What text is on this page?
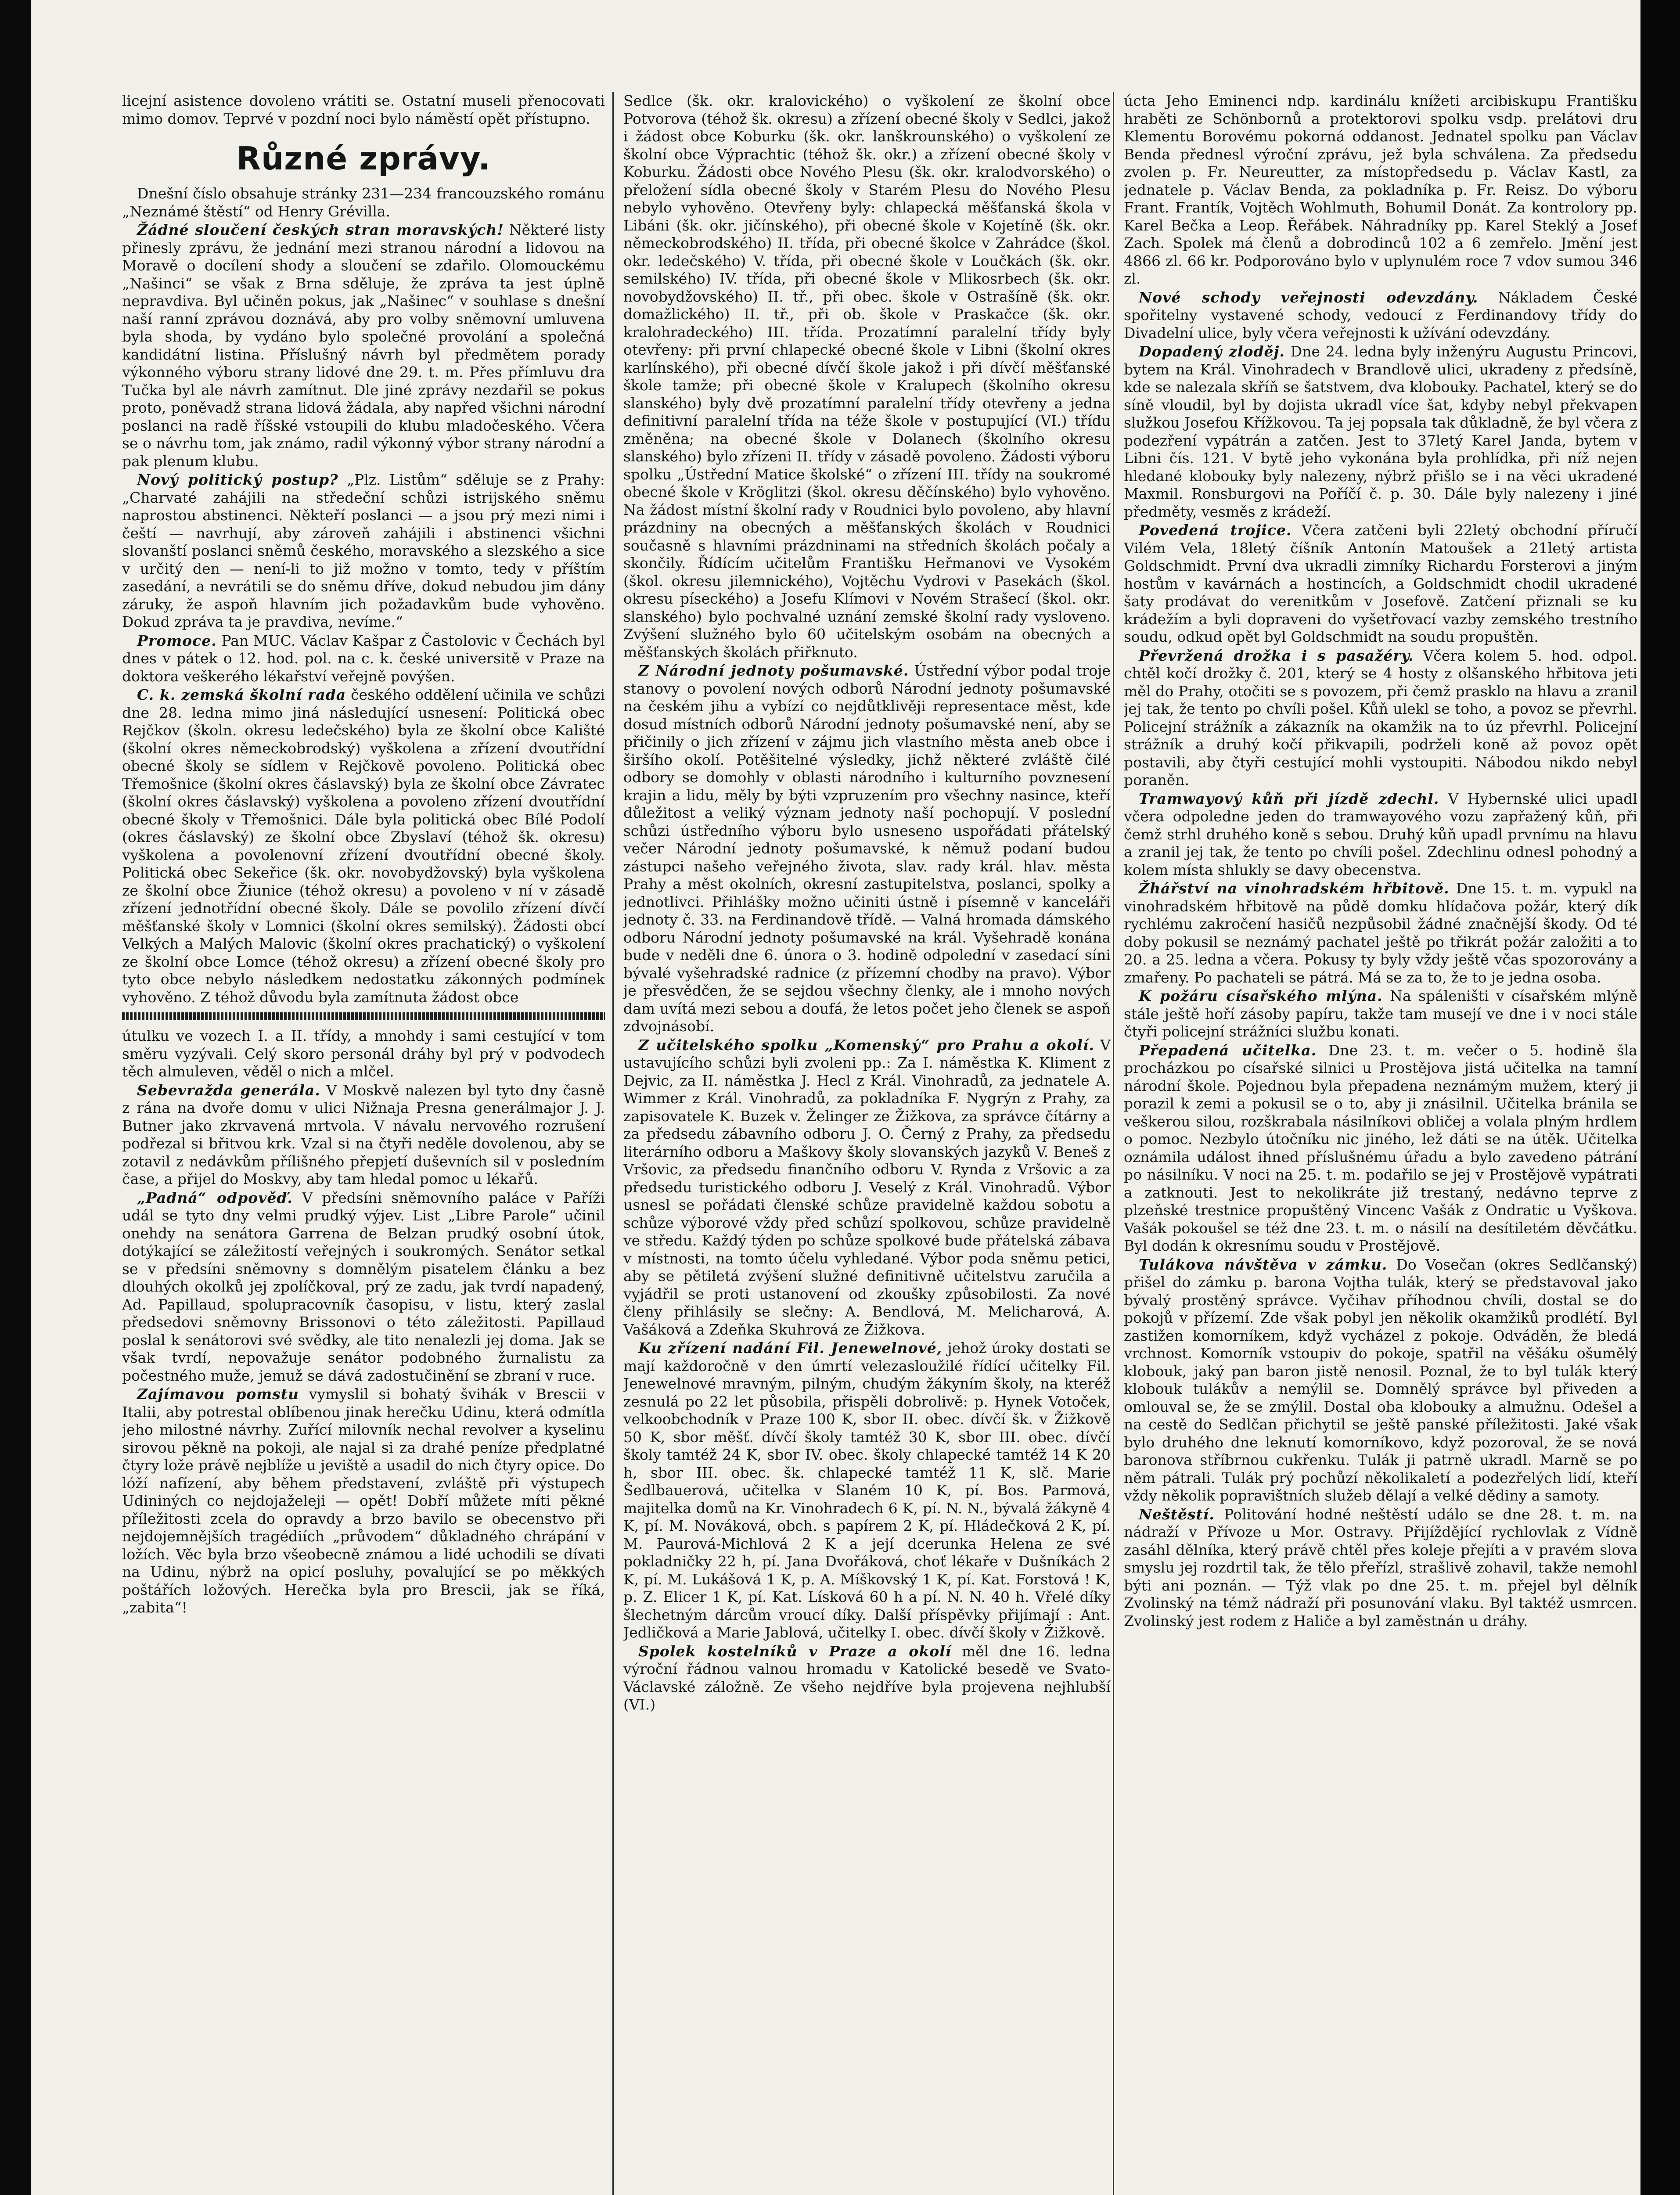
licejní asistence dovoleno vrátiti se. Ostatní museli přenocovati mimo domov. Teprvé v pozdní noci bylo náměstí opět přístupno.

Různé zprávy.

Dnešní číslo obsahuje stránky 231—234 francouzského románu „Neznámé štěstí“ od Henry Grévilla.

Žádné sloučení českých stran moravských! Některé listy přinesly zprávu, že jednání mezi stranou národní a lidovou na Moravě o docílení shody a sloučení se zdařilo. Olomouckému „Našinci“ se však z Brna sděluje, že zpráva ta jest úplně nepravdiva. Byl učiněn pokus, jak „Našinec“ v souhlase s dnešní naší ranní zprávou doznává, aby pro volby sněmovní umluvena byla shoda, by vydáno bylo společné provolání a společná kandidátní listina. Příslušný návrh byl předmětem porady výkonného výboru strany lidové dne 29. t. m. Přes přímluvu dra Tučka byl ale návrh zamítnut. Dle jiné zprávy nezdařil se pokus proto, poněvadž strana lidová žádala, aby napřed všichni národní poslanci na radě říšské vstoupili do klubu mladočeského. Včera se o návrhu tom, jak známo, radil výkonný výbor strany národní a pak plenum klubu.

Nový politický postup? „Plz. Listům“ sděluje se z Prahy: „Charvaté zahájili na středeční schůzi istrijského sněmu naprostou abstinenci. Někteří poslanci — a jsou prý mezi nimi i čeští — navrhují, aby zároveň zahájili i abstinenci všichni slovanští poslanci sněmů českého, moravského a slezského a sice v určitý den — není-li to již možno v tomto, tedy v příštím zasedání, a nevrátili se do sněmu dříve, dokud nebudou jim dány záruky, že aspoň hlavním jich požadavkům bude vyhověno. Dokud zpráva ta je pravdiva, nevíme.“

Promoce. Pan MUC. Václav Kašpar z Častolovic v Čechách byl dnes v pátek o 12. hod. pol. na c. k. české universitě v Praze na doktora veškerého lékařství veřejně povýšen.

C. k. zemská školní rada českého oddělení učinila ve schůzi dne 28. ledna mimo jiná následující usnesení: Politická obec Rejčkov (školn. okresu ledečského) byla ze školní obce Kališté (školní okres německobrodský) vyškolena a zřízení dvoutřídní obecné školy se sídlem v Rejčkově povoleno. Politická obec Třemošnice (školní okres čáslavský) byla ze školní obce Závratec (školní okres čáslavský) vyškolena a povoleno zřízení dvoutřídní obecné školy v Třemošnici. Dále byla politická obec Bílé Podolí (okres čáslavský) ze školní obce Zbyslaví (téhož šk. okresu) vyškolena a povolenovní zřízení dvoutřídní obecné školy. Politická obec Sekeřice (šk. okr. novobydžovský) byla vyškolena ze školní obce Žiunice (téhož okresu) a povoleno v ní v zásadě zřízení jednotřídní obecné školy. Dále se povolilo zřízení dívčí měšťanské školy v Lomnici (školní okres semilský). Žádosti obcí Velkých a Malých Malovic (školní okres prachatický) o vyškolení ze školní obce Lomce (téhož okresu) a zřízení obecné školy pro tyto obce nebylo následkem nedostatku zákonných podmínek vyhověno. Z téhož důvodu byla zamítnuta žádost obce

útulku ve vozech I. a II. třídy, a mnohdy i sami cestující v tom směru vyzývali. Celý skoro personál dráhy byl prý v podvodech těch almuleven, věděl o nich a mlčel.

Sebevražda generála. V Moskvě nalezen byl tyto dny časně z rána na dvoře domu v ulici Nižnaja Presna generálmajor J. J. Butner jako zkrvavená mrtvola. V návalu nervového rozrušení podřezal si břitvou krk. Vzal si na čtyři neděle dovolenou, aby se zotavil z nedávkům přílišného přepjetí duševních sil v posledním čase, a přijel do Moskvy, aby tam hledal pomoc u lékařů.

„Padná“ odpověď. V předsíni sněmovního paláce v Paříži udál se tyto dny velmi prudký výjev. List „Libre Parole“ učinil onehdy na senátora Garrena de Belzan prudký osobní útok, dotýkající se záležitostí veřejných i soukromých. Senátor setkal se v předsíni sněmovny s domnělým pisatelem článku a bez dlouhých okolků jej zpolíčkoval, prý ze zadu, jak tvrdí napadený, Ad. Papillaud, spolupracovník časopisu, v listu, který zaslal předsedovi sněmovny Brissonovi o této záležitosti. Papillaud poslal k senátorovi své svědky, ale tito nenalezli jej doma. Jak se však tvrdí, nepovažuje senátor podobného žurnalistu za počestného muže, jemuž se dává zadostučinění se zbraní v ruce.

Zajímavou pomstu vymyslil si bohatý švihák v Brescii v Italii, aby potrestal oblíbenou jinak herečku Udinu, která odmítla jeho milostné návrhy. Zuřící milovník nechal revolver a kyselinu sirovou pěkně na pokoji, ale najal si za drahé peníze předplatné čtyry lože právě nejblíže u jeviště a usadil do nich čtyry opice. Do lóží nafízení, aby během představení, zvláště při výstupech Udininých co nejdojaželeji — opět! Dobří můžete míti pěkné příležitosti zcela do opravdy a brzo bavilo se obecenstvo při nejdojemnějších tragédiích „průvodem“ důkladného chrápání v ložích. Věc byla brzo všeobecně známou a lidé uchodili se dívati na Udinu, nýbrž na opicí posluhy, povalující se po měkkých poštářích ložových. Herečka byla pro Brescii, jak se říká, „zabita“!

Sedlce (šk. okr. kralovického) o vyškolení ze školní obce Potvorova (téhož šk. okresu) a zřízení obecné školy v Sedlci, jakož i žádost obce Koburku (šk. okr. lanškrounského) o vyškolení ze školní obce Výprachtic (téhož šk. okr.) a zřízení obecné školy v Koburku. Žádosti obce Nového Plesu (šk. okr. kralodvorského) o přeložení sídla obecné školy v Starém Plesu do Nového Plesu nebylo vyhověno. Otevřeny byly: chlapecká měšťanská škola v Libáni (šk. okr. jičínského), při obecné škole v Kojetíně (šk. okr. německobrodského) II. třída, při obecné školce v Zahrádce (škol. okr. ledečského) V. třída, při obecné škole v Loučkách (šk. okr. semilského) IV. třída, při obecné škole v Mlikosrbech (šk. okr. novobydžovského) II. tř., při obec. škole v Ostrašíně (šk. okr. domažlického) II. tř., při ob. škole v Praskačce (šk. okr. kralohradeckého) III. třída. Prozatímní paralelní třídy byly otevřeny: při první chlapecké obecné škole v Libni (školní okres karlínského), při obecné dívčí škole jakož i při dívčí měšťanské škole tamže; při obecné škole v Kralupech (školního okresu slanského) byly dvě prozatímní paralelní třídy otevřeny a jedna definitivní paralelní třída na téže škole v postupující (VI.) třídu změněna; na obecné škole v Dolanech (školního okresu slanského) bylo zřízeni II. třídy v zásadě povoleno. Žádosti výboru spolku „Ústřední Matice školské“ o zřízení III. třídy na soukromé obecné škole v Kröglitzi (škol. okresu děčínského) bylo vyhověno. Na žádost místní školní rady v Roudnici bylo povoleno, aby hlavní prázdniny na obecných a měšťanských školách v Roudnici současně s hlavními prázdninami na středních školách počaly a skončily. Řídícím učitelům Františku Heřmanovi ve Vysokém (škol. okresu jilemnického), Vojtěchu Vydrovi v Pasekách (škol. okresu píseckého) a Josefu Klímovi v Novém Strašecí (škol. okr. slanského) bylo pochvalné uznání zemské školní rady vysloveno. Zvýšení služného bylo 60 učitelským osobám na obecných a měšťanských školách přiřknuto.

Z Národní jednoty pošumavské. Ústřední výbor podal troje stanovy o povolení nových odborů Národní jednoty pošumavské na českém jihu a vybízí co nejdůtklivěji representace měst, kde dosud místních odborů Národní jednoty pošumavské není, aby se přičinily o jich zřízení v zájmu jich vlastního města aneb obce i širšího okolí. Potěšitelné výsledky, jichž některé zvláště čilé odbory se domohly v oblasti národního i kulturního povznesení krajin a lidu, měly by býti vzpruzením pro všechny nasince, kteří důležitost a veliký význam jednoty naší pochopují. V poslední schůzi ústředního výboru bylo usneseno uspořádati přátelský večer Národní jednoty pošumavské, k němuž podaní budou zástupci našeho veřejného života, slav. rady král. hlav. města Prahy a měst okolních, okresní zastupitelstva, poslanci, spolky a jednotlivci. Přihlášky možno učiniti ústně i písemně v kanceláři jednoty č. 33. na Ferdinandově třídě. — Valná hromada dámského odboru Národní jednoty pošumavské na král. Vyšehradě konána bude v neděli dne 6. února o 3. hodině odpolední v zasedací síni bývalé vyšehradské radnice (z přízemní chodby na pravo). Výbor je přesvědčen, že se sejdou všechny členky, ale i mnoho nových dam uvítá mezi sebou a doufá, že letos počet jeho členek se aspoň zdvojnásobí.

Z učitelského spolku „Komenský“ pro Prahu a okolí. V ustavujícího schůzi byli zvoleni pp.: Za I. náměstka K. Kliment z Dejvic, za II. náměstka J. Hecl z Král. Vinohradů, za jednatele A. Wimmer z Král. Vinohradů, za pokladníka F. Nygrýn z Prahy, za zapisovatele K. Buzek v. Želinger ze Žižkova, za správce čítárny a za předsedu zábavního odboru J. O. Černý z Prahy, za předsedu literárního odboru a Maškovy školy slovanských jazyků V. Beneš z Vršovic, za předsedu finančního odboru V. Rynda z Vršovic a za předsedu turistického odboru J. Veselý z Král. Vinohradů. Výbor usnesl se pořádati členské schůze pravidelně každou sobotu a schůze výborové vždy před schůzí spolkovou, schůze pravidelně ve středu. Každý týden po schůze spolkové bude přátelská zábava v místnosti, na tomto účelu vyhledané. Výbor poda sněmu petici, aby se pětiletá zvýšení služné definitivně učitelstvu zaručila a vyjádřil se proti ustanovení od zkoušky způsobilosti. Za nové členy přihlásily se slečny: A. Bendlová, M. Melicharová, A. Vašáková a Zdeňka Skuhrová ze Žižkova.

Ku zřízení nadání Fil. Jenewelnové, jehož úroky dostati se mají každoročně v den úmrtí velezasloužilé řídící učitelky Fil. Jenewelnové mravným, pilným, chudým žákyním školy, na kteréž zesnulá po 22 let působila, přispěli dobrolivě: p. Hynek Votoček, velkoobchodník v Praze 100 K, sbor II. obec. dívčí šk. v Žižkově 50 K, sbor měšť. dívčí školy tamtéž 30 K, sbor III. obec. dívčí školy tamtéž 24 K, sbor IV. obec. školy chlapecké tamtéž 14 K 20 h, sbor III. obec. šk. chlapecké tamtéž 11 K, slč. Marie Šedlbauerová, učitelka v Slaném 10 K, pí. Bos. Parmová, majitelka domů na Kr. Vinohradech 6 K, pí. N. N., bývalá žákyně 4 K, pí. M. Nováková, obch. s papírem 2 K, pí. Hládečková 2 K, pí. M. Paurová-Michlová 2 K a její dcerunka Helena ze své pokladničky 22 h, pí. Jana Dvořáková, choť lékaře v Dušníkách 2 K, pí. M. Lukášová 1 K, p. A. Míškovský 1 K, pí. Kat. Forstová ! K, p. Z. Elicer 1 K, pí. Kat. Lísková 60 h a pí. N. N. 40 h. Vřelé díky šlechetným dárcům vroucí díky. Další příspěvky přijímají : Ant. Jedličková a Marie Jablová, učitelky I. obec. dívčí školy v Žižkově.

Spolek kostelníků v Praze a okolí měl dne 16. ledna výroční řádnou valnou hromadu v Katolické besedě ve Svato-Václavské záložně. Ze všeho nejdříve byla projevena nejhlubší (VI.)

úcta Jeho Eminenci ndp. kardinálu knížeti arcibiskupu Františku hraběti ze Schönbornů a protektorovi spolku vsdp. prelátovi dru Klementu Borovému pokorná oddanost. Jednatel spolku pan Václav Benda přednesl výroční zprávu, jež byla schválena. Za předsedu zvolen p. Fr. Neureutter, za místopředsedu p. Václav Kastl, za jednatele p. Václav Benda, za pokladníka p. Fr. Reisz. Do výboru Frant. Frantík, Vojtěch Wohlmuth, Bohumil Donát. Za kontrolory pp. Karel Bečka a Leop. Řeřábek. Náhradníky pp. Karel Steklý a Josef Zach. Spolek má členů a dobrodinců 102 a 6 zemřelo. Jmění jest 4866 zl. 66 kr. Podporováno bylo v uplynulém roce 7 vdov sumou 346 zl.

Nové schody veřejnosti odevzdány. Nákladem České spořitelny vystavené schody, vedoucí z Ferdinandovy třídy do Divadelní ulice, byly včera veřejnosti k užívání odevzdány.

Dopadený zloděj. Dne 24. ledna byly inženýru Augustu Princovi, bytem na Král. Vinohradech v Brandlově ulici, ukradeny z předsíně, kde se nalezala skříň se šatstvem, dva klobouky. Pachatel, který se do síně vloudil, byl by dojista ukradl více šat, kdyby nebyl překvapen služkou Josefou Křížkovou. Ta jej popsala tak důkladně, že byl včera z podezření vypátrán a zatčen. Jest to 37letý Karel Janda, bytem v Libni čís. 121. V bytě jeho vykonána byla prohlídka, při níž nejen hledané klobouky byly nalezeny, nýbrž přišlo se i na věci ukradené Maxmil. Ronsburgovi na Poříčí č. p. 30. Dále byly nalezeny i jiné předměty, vesměs z krádeží.

Povedená trojice. Včera zatčeni byli 22letý obchodní příručí Vilém Vela, 18letý číšník Antonín Matoušek a 21letý artista Goldschmidt. První dva ukradli zimníky Richardu Forsterovi a jiným hostům v kavárnách a hostincích, a Goldschmidt chodil ukradené šaty prodávat do verenitkům v Josefově. Zatčení přiznali se ku krádežím a byli dopraveni do vyšetřovací vazby zemského trestního soudu, odkud opět byl Goldschmidt na soudu propuštěn.

Převržená drožka i s pasažéry. Včera kolem 5. hod. odpol. chtěl kočí drožky č. 201, který se 4 hosty z olšanského hřbitova jeti měl do Prahy, otočiti se s povozem, při čemž prasklo na hlavu a zranil jej tak, že tento po chvíli pošel. Kůň ulekl se toho, a povoz se převrhl. Policejní strážník a zákazník na okamžik na to úz převrhl. Policejní strážník a druhý kočí přikvapili, podrželi koně až povoz opět postavili, aby čtyři cestující mohli vystoupiti. Nábodou nikdo nebyl poraněn.

Tramwayový kůň při jízdě zdechl. V Hybernské ulici upadl včera odpoledne jeden do tramwayového vozu zapřažený kůň, při čemž strhl druhého koně s sebou. Druhý kůň upadl prvnímu na hlavu a zranil jej tak, že tento po chvíli pošel. Zdechlinu odnesl pohodný a kolem místa shlukly se davy obecenstva.

Žhářství na vinohradském hřbitově. Dne 15. t. m. vypukl na vinohradském hřbitově na půdě domku hlídačova požár, který dík rychlému zakročení hasičů nezpůsobil žádné značnější škody. Od té doby pokusil se neznámý pachatel ještě po třikrát požár založiti a to 20. a 25. ledna a včera. Pokusy ty byly vždy ještě včas spozorovány a zmařeny. Po pachateli se pátrá. Má se za to, že to je jedna osoba.

K požáru císařského mlýna. Na spáleništi v císařském mlýně stále ještě hoří zásoby papíru, takže tam musejí ve dne i v noci stále čtyři policejní strážníci službu konati.

Přepadená učitelka. Dne 23. t. m. večer o 5. hodině šla procházkou po císařské silnici u Prostějova jistá učitelka na tamní národní škole. Pojednou byla přepadena neznámým mužem, který ji porazil k zemi a pokusil se o to, aby ji znásilnil. Učitelka bránila se veškerou silou, rozškrabala násilníkovi obličej a volala plným hrdlem o pomoc. Nezbylo útočníku nic jiného, lež dáti se na útěk. Učitelka oznámila událost ihned příslušnému úřadu a bylo zavedeno pátrání po násilníku. V noci na 25. t. m. podařilo se jej v Prostějově vypátrati a zatknouti. Jest to nekolikráte již trestaný, nedávno teprve z plzeňské trestnice propuštěný Vincenc Vašák z Ondratic u Vyškova. Vašák pokoušel se též dne 23. t. m. o násilí na desítiletém děvčátku. Byl dodán k okresnímu soudu v Prostějově.

Tulákova návštěva v zámku. Do Vosečan (okres Sedlčanský) přišel do zámku p. barona Vojtha tulák, který se představoval jako bývalý prostěný správce. Vyčihav příhodnou chvíli, dostal se do pokojů v přízemí. Zde však pobyl jen několik okamžiků prodlétí. Byl zastižen komorníkem, když vycházel z pokoje. Odváděn, že bledá vrchnost. Komorník vstoupiv do pokoje, spatřil na věšáku ošumělý klobouk, jaký pan baron jistě nenosil. Poznal, že to byl tulák který klobouk tulákův a nemýlil se. Domnělý správce byl přiveden a omlouval se, že se zmýlil. Dostal oba klobouky a almužnu. Odešel a na cestě do Sedlčan přichytil se ještě panské příležitosti. Jaké však bylo druhého dne leknutí komorníkovo, když pozoroval, že se nová baronova stříbrnou cukřenku. Tulák ji patrně ukradl. Marně se po něm pátrali. Tulák prý pochůzí několikaletí a podezřelých lidí, kteří vždy několik popravištních služeb dělají a velké dědiny a samoty.

Neštěstí. Politování hodné neštěstí událo se dne 28. t. m. na nádraží v Přívoze u Mor. Ostravy. Přijíždějící rychlovlak z Vídně zasáhl dělníka, který právě chtěl přes koleje přejíti a v pravém slova smyslu jej rozdrtil tak, že tělo přeřízl, strašlivě zohavil, takže nemohl býti ani poznán. — Týž vlak po dne 25. t. m. přejel byl dělník Zvolinský na témž nádraží při posunování vlaku. Byl taktéž usmrcen. Zvolinský jest rodem z Haliče a byl zaměstnán u dráhy.
